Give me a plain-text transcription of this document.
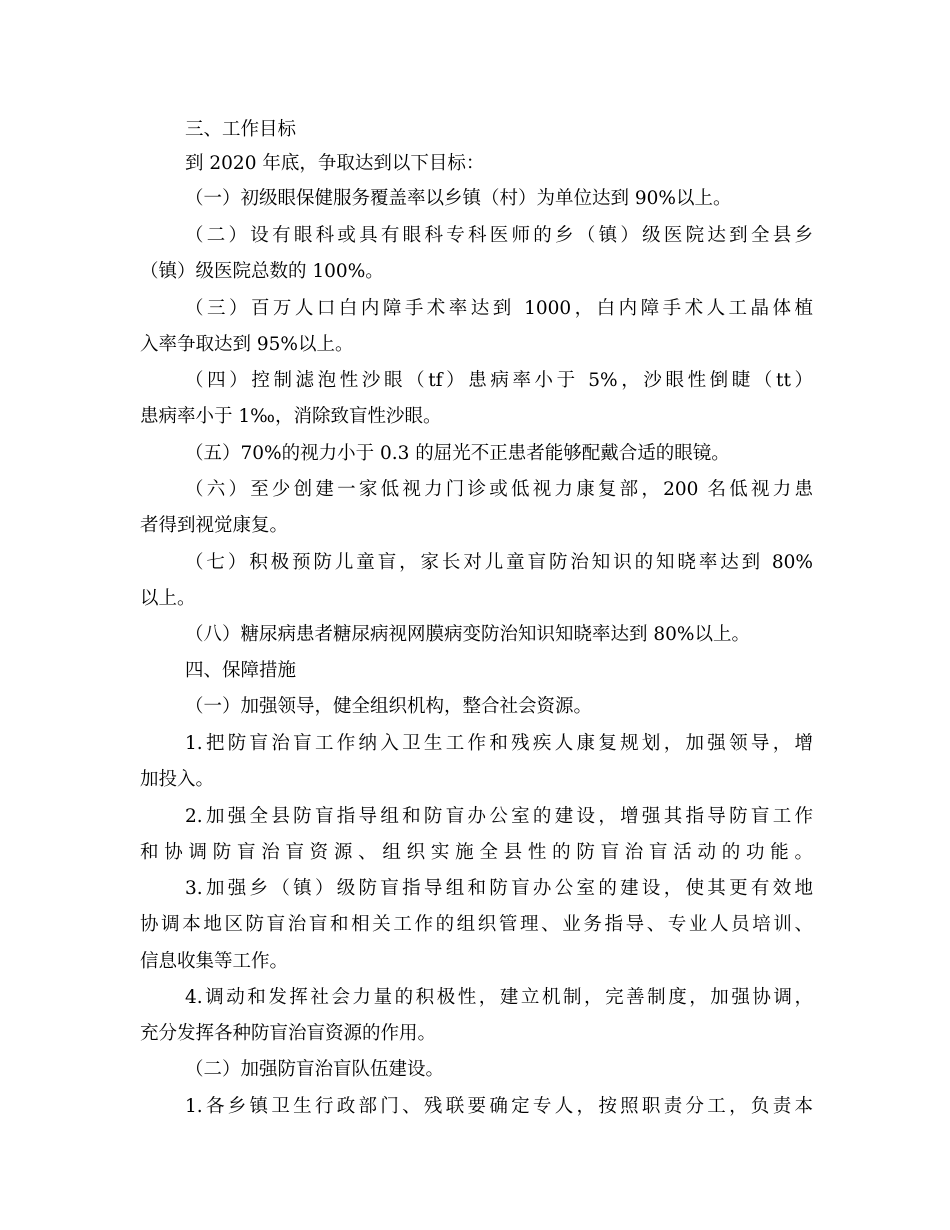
三、工作目标
到 2020 年底，争取达到以下目标：
（一）初级眼保健服务覆盖率以乡镇（村）为单位达到 90%以上。
（二）设有眼科或具有眼科专科医师的乡（镇）级医院达到全县乡
（镇）级医院总数的 100%。
（三）百万人口白内障手术率达到 1000，白内障手术人工晶体植
入率争取达到 95%以上。
（四）控制滤泡性沙眼（tf）患病率小于 5%，沙眼性倒睫（tt）
患病率小于 1‰，消除致盲性沙眼。
（五）70%的视力小于 0.3 的屈光不正患者能够配戴合适的眼镜。
（六）至少创建一家低视力门诊或低视力康复部，200 名低视力患
者得到视觉康复。
（七）积极预防儿童盲，家长对儿童盲防治知识的知晓率达到 80%
以上。
（八）糖尿病患者糖尿病视网膜病变防治知识知晓率达到 80%以上。
四、保障措施
（一）加强领导，健全组织机构，整合社会资源。
1.把防盲治盲工作纳入卫生工作和残疾人康复规划，加强领导，增
加投入。
2.加强全县防盲指导组和防盲办公室的建设，增强其指导防盲工作
和协调防盲治盲资源、组织实施全县性的防盲治盲活动的功能。
3.加强乡（镇）级防盲指导组和防盲办公室的建设，使其更有效地
协调本地区防盲治盲和相关工作的组织管理、业务指导、专业人员培训、
信息收集等工作。
4.调动和发挥社会力量的积极性，建立机制，完善制度，加强协调，
充分发挥各种防盲治盲资源的作用。
（二）加强防盲治盲队伍建设。
1.各乡镇卫生行政部门、残联要确定专人，按照职责分工，负责本
